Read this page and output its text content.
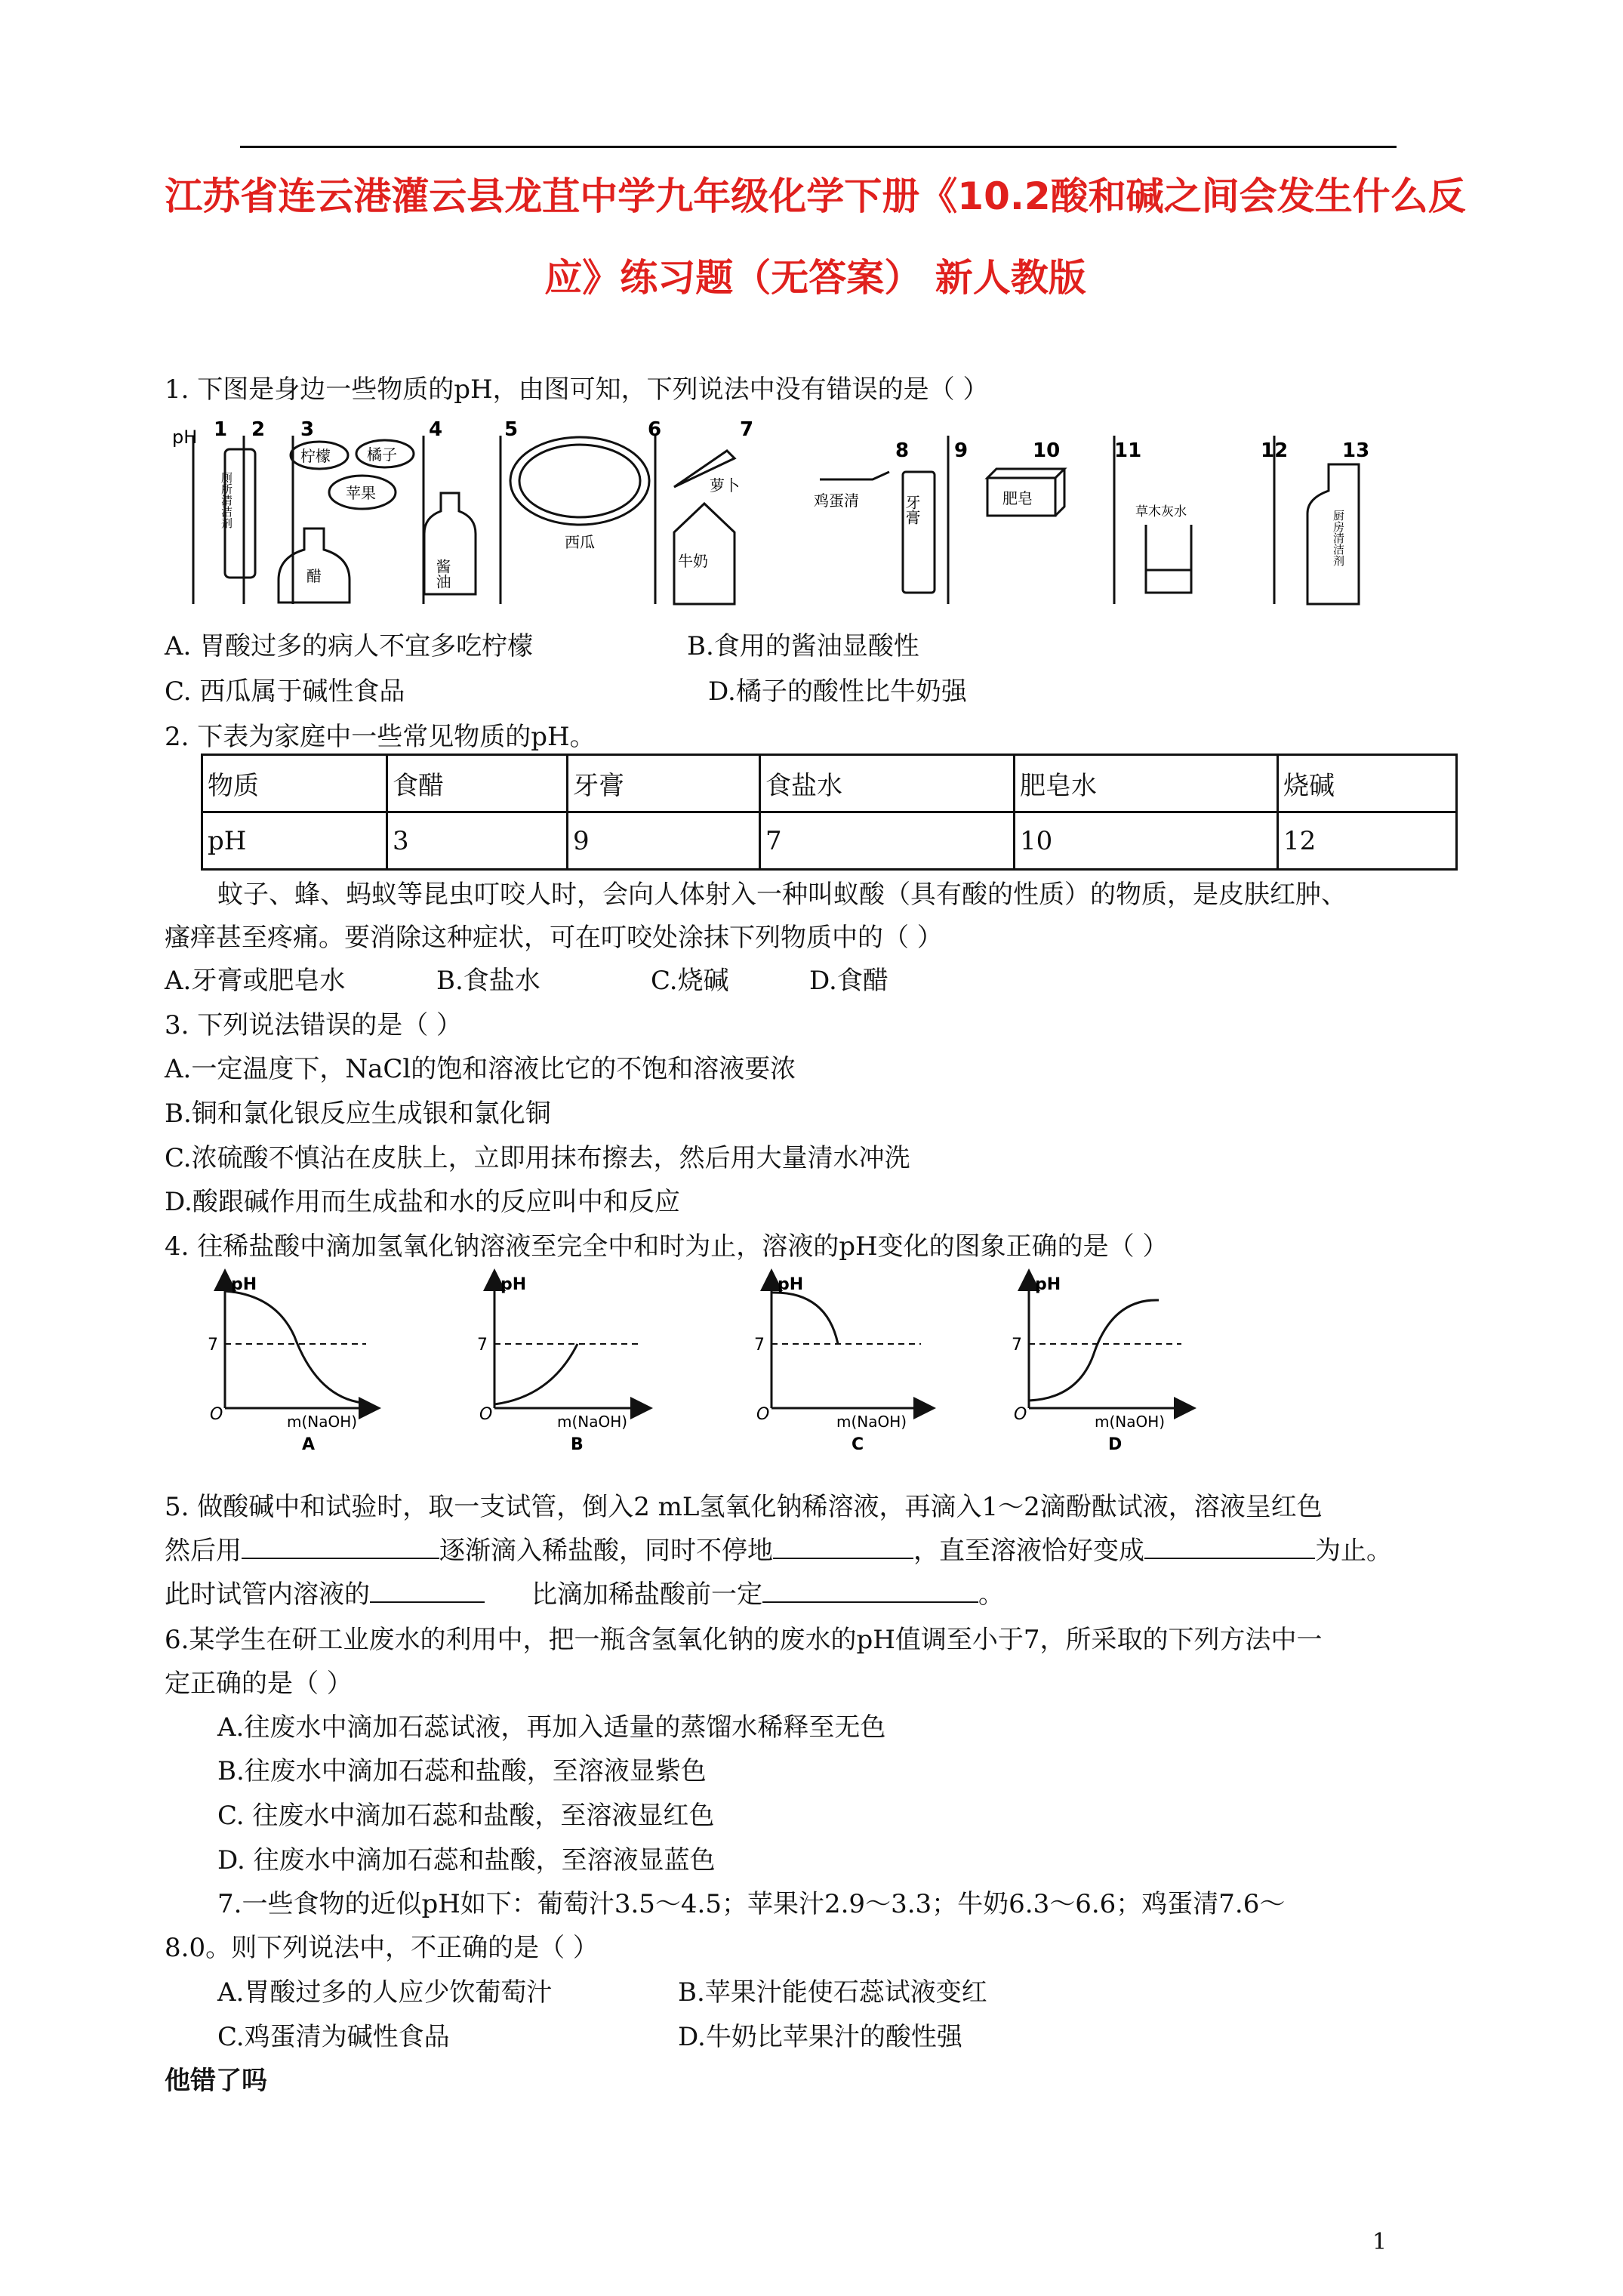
江苏省连云港灌云县龙苴中学九年级化学下册《10.2酸和碱之间会发生什么反
应》练习题（无答案） 新人教版
1. 下图是身边一些物质的pH，由图可知，下列说法中没有错误的是（ ）
pH 1 2 3	4	5	6	7
8 9	10	11	12	13
厕所清洁剂
柠檬 橘子
苹果
醋	酱油
西瓜
萝卜
牛奶
鸡蛋清	牙膏	肥皂
草木灰水	厨房清洁剂
A. 胃酸过多的病人不宜多吃柠檬	B.食用的酱油显酸性
C. 西瓜属于碱性食品	D.橘子的酸性比牛奶强
2. 下表为家庭中一些常见物质的pH。
物质	食醋	牙膏	食盐水	肥皂水	烧碱
pH	3	9	7	10	12
蚊子、蜂、蚂蚁等昆虫叮咬人时，会向人体射入一种叫蚁酸（具有酸的性质）的物质，是皮肤红肿、
瘙痒甚至疼痛。要消除这种症状，可在叮咬处涂抹下列物质中的（ ）
A.牙膏或肥皂水	B.食盐水	C.烧碱	D.食醋
3. 下列说法错误的是（ ）
A.一定温度下，NaCl的饱和溶液比它的不饱和溶液要浓
B.铜和氯化银反应生成银和氯化铜
C.浓硫酸不慎沾在皮肤上，立即用抹布擦去，然后用大量清水冲洗
D.酸跟碱作用而生成盐和水的反应叫中和反应
4. 往稀盐酸中滴加氢氧化钠溶液至完全中和时为止，溶液的pH变化的图象正确的是（ ）
pH
7
O	m(NaOH)
A
pH
7
O	m(NaOH)
B
pH
7
O	m(NaOH)
C
pH
7
O	m(NaOH)
D
5. 做酸碱中和试验时，取一支试管，倒入2 mL氢氧化钠稀溶液，再滴入1～2滴酚酞试液，溶液呈红色
然后用	逐渐滴入稀盐酸，同时不停地	，直至溶液恰好变成	为止。
此时试管内溶液的	比滴加稀盐酸前一定	。
6.某学生在研工业废水的利用中，把一瓶含氢氧化钠的废水的pH值调至小于7，所采取的下列方法中一
定正确的是（ ）
A.往废水中滴加石蕊试液，再加入适量的蒸馏水稀释至无色
B.往废水中滴加石蕊和盐酸，至溶液显紫色
C. 往废水中滴加石蕊和盐酸，至溶液显红色
D. 往废水中滴加石蕊和盐酸，至溶液显蓝色
7.一些食物的近似pH如下：葡萄汁3.5～4.5；苹果汁2.9～3.3；牛奶6.3～6.6；鸡蛋清7.6～
8.0。则下列说法中，不正确的是（ ）
A.胃酸过多的人应少饮葡萄汁	B.苹果汁能使石蕊试液变红
C.鸡蛋清为碱性食品	D.牛奶比苹果汁的酸性强
他错了吗
1
